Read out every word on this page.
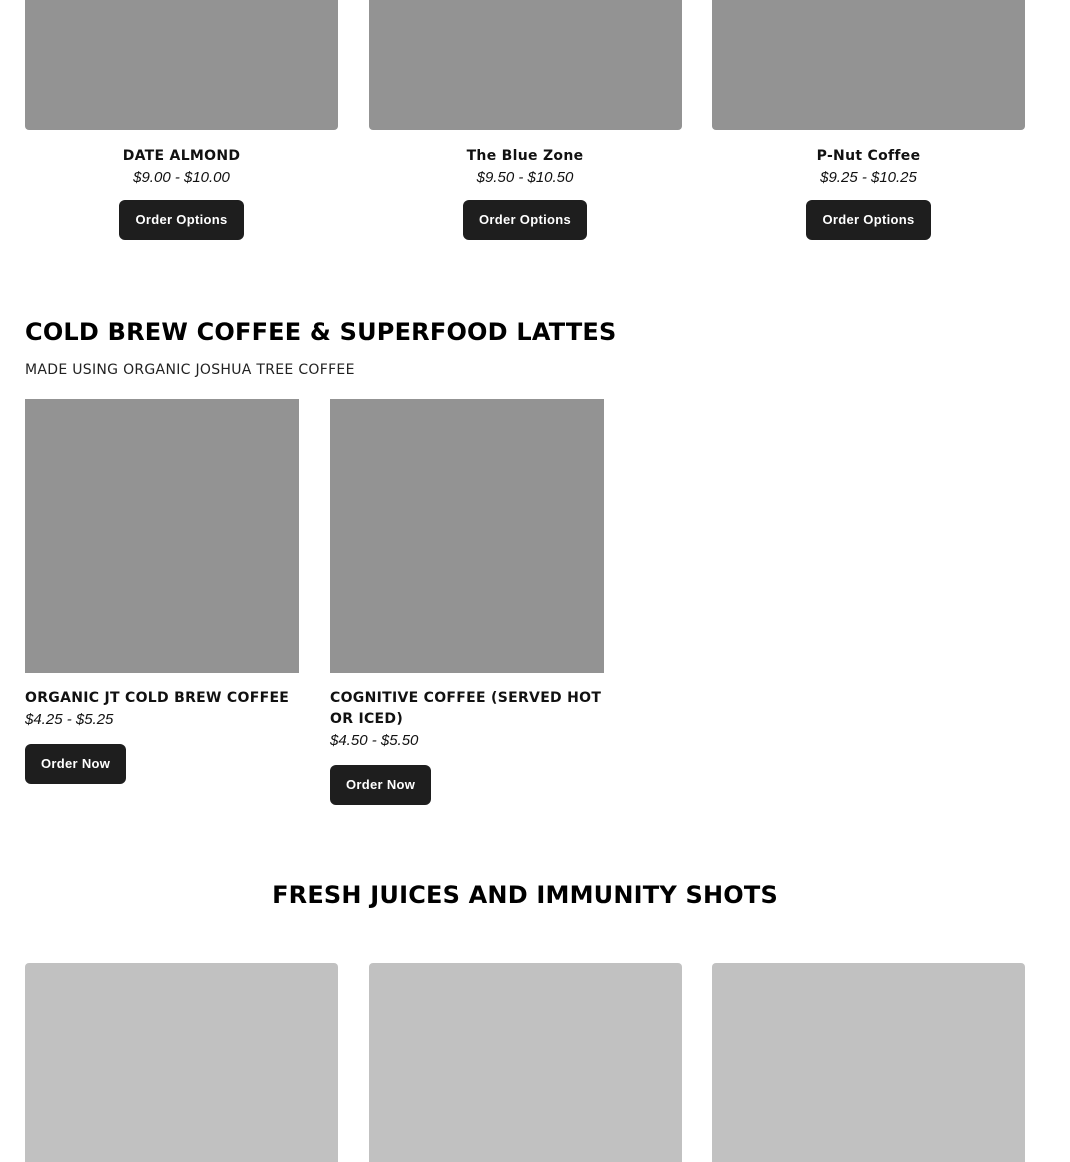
DATE ALMOND
$9.00 - $10.00
Order Options
The Blue Zone
$9.50 - $10.50
Order Options
P-Nut Coffee
$9.25 - $10.25
Order Options
COLD BREW COFFEE & SUPERFOOD LATTES
MADE USING ORGANIC JOSHUA TREE COFFEE
ORGANIC JT COLD BREW COFFEE
$4.25 - $5.25
Order Now
COGNITIVE COFFEE (SERVED HOT OR ICED)
$4.50 - $5.50
Order Now
FRESH JUICES AND IMMUNITY SHOTS
